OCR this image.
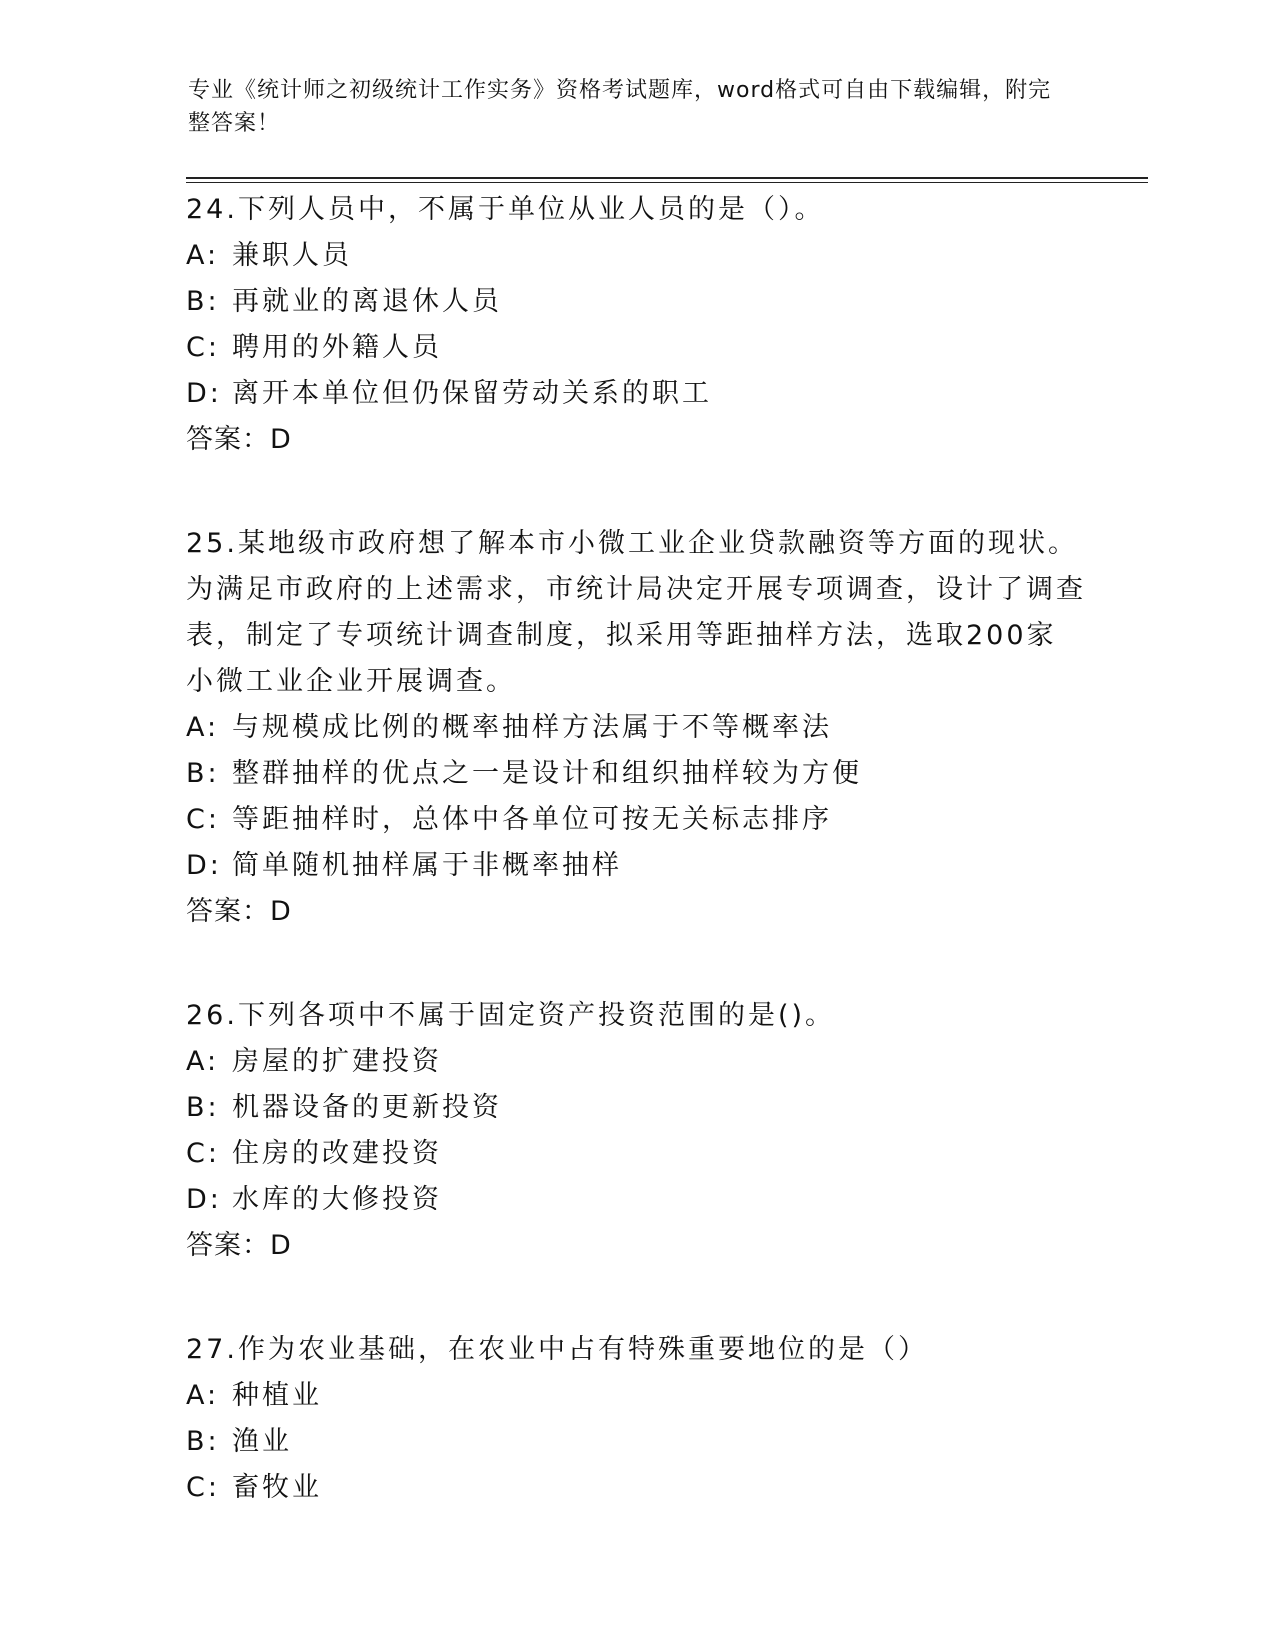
专业《统计师之初级统计工作实务》资格考试题库，word格式可自由下载编辑，附完整答案！

24.下列人员中，不属于单位从业人员的是（）。

A: 兼职人员

B: 再就业的离退休人员

C: 聘用的外籍人员

D: 离开本单位但仍保留劳动关系的职工

答案：D

25.某地级市政府想了解本市小微工业企业贷款融资等方面的现状。为满足市政府的上述需求，市统计局决定开展专项调查，设计了调查表，制定了专项统计调查制度，拟采用等距抽样方法，选取200家小微工业企业开展调查。

A: 与规模成比例的概率抽样方法属于不等概率法

B: 整群抽样的优点之一是设计和组织抽样较为方便

C: 等距抽样时，总体中各单位可按无关标志排序

D: 简单随机抽样属于非概率抽样

答案：D

26.下列各项中不属于固定资产投资范围的是()。

A: 房屋的扩建投资

B: 机器设备的更新投资

C: 住房的改建投资

D: 水库的大修投资

答案：D

27.作为农业基础，在农业中占有特殊重要地位的是（）

A: 种植业

B: 渔业

C: 畜牧业
